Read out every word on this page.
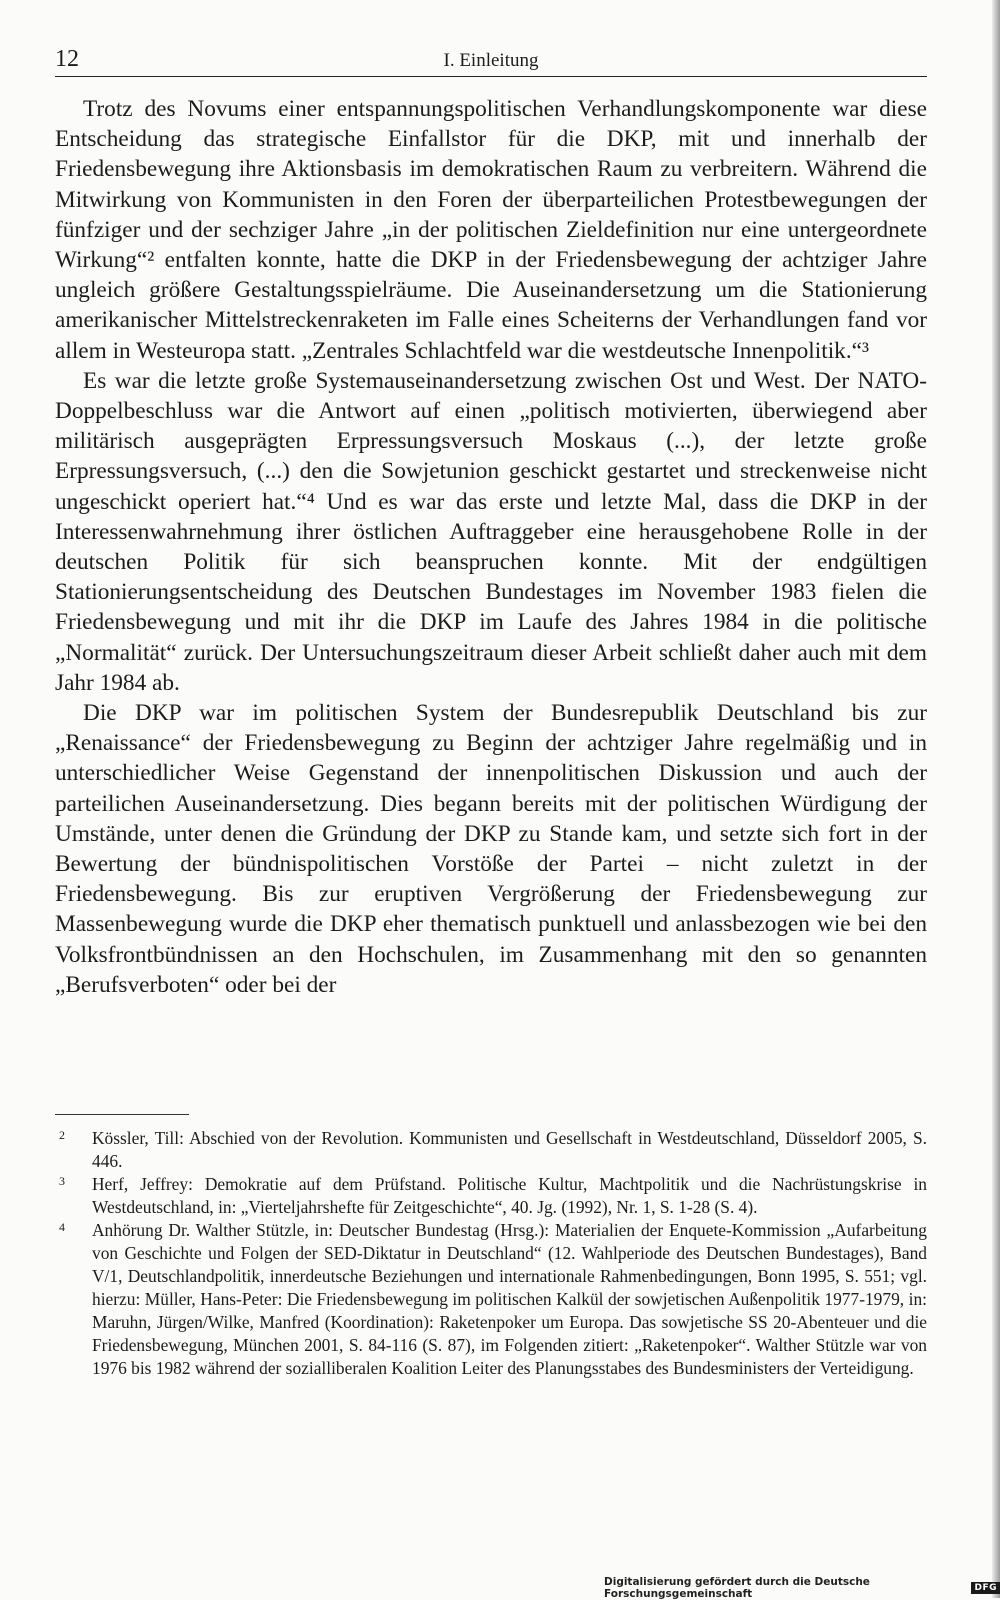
12	I. Einleitung

Trotz des Novums einer entspannungspolitischen Verhandlungskomponente war diese Entscheidung das strategische Einfallstor für die DKP, mit und innerhalb der Friedensbewegung ihre Aktionsbasis im demokratischen Raum zu verbreitern. Während die Mitwirkung von Kommunisten in den Foren der überparteilichen Protestbewegungen der fünfziger und der sechziger Jahre „in der politischen Zieldefinition nur eine untergeordnete Wirkung“² entfalten konnte, hatte die DKP in der Friedensbewegung der achtziger Jahre ungleich größere Gestaltungsspielräume. Die Auseinandersetzung um die Stationierung amerikanischer Mittelstreckenraketen im Falle eines Scheiterns der Verhandlungen fand vor allem in Westeuropa statt. „Zentrales Schlachtfeld war die westdeutsche Innenpolitik.“³

Es war die letzte große Systemauseinandersetzung zwischen Ost und West. Der NATO-Doppelbeschluss war die Antwort auf einen „politisch motivierten, überwiegend aber militärisch ausgeprägten Erpressungsversuch Moskaus (...), der letzte große Erpressungsversuch, (...) den die Sowjetunion geschickt gestartet und streckenweise nicht ungeschickt operiert hat.“⁴ Und es war das erste und letzte Mal, dass die DKP in der Interessenwahrnehmung ihrer östlichen Auftraggeber eine herausgehobene Rolle in der deutschen Politik für sich beanspruchen konnte. Mit der endgültigen Stationierungsentscheidung des Deutschen Bundestages im November 1983 fielen die Friedensbewegung und mit ihr die DKP im Laufe des Jahres 1984 in die politische „Normalität“ zurück. Der Untersuchungszeitraum dieser Arbeit schließt daher auch mit dem Jahr 1984 ab.

Die DKP war im politischen System der Bundesrepublik Deutschland bis zur „Renaissance“ der Friedensbewegung zu Beginn der achtziger Jahre regelmäßig und in unterschiedlicher Weise Gegenstand der innenpolitischen Diskussion und auch der parteilichen Auseinandersetzung. Dies begann bereits mit der politischen Würdigung der Umstände, unter denen die Gründung der DKP zu Stande kam, und setzte sich fort in der Bewertung der bündnispolitischen Vorstöße der Partei – nicht zuletzt in der Friedensbewegung. Bis zur eruptiven Vergrößerung der Friedensbewegung zur Massenbewegung wurde die DKP eher thematisch punktuell und anlassbezogen wie bei den Volksfrontbündnissen an den Hochschulen, im Zusammenhang mit den so genannten „Berufsverboten“ oder bei der

2 Kössler, Till: Abschied von der Revolution. Kommunisten und Gesellschaft in Westdeutschland, Düsseldorf 2005, S. 446.

3 Herf, Jeffrey: Demokratie auf dem Prüfstand. Politische Kultur, Machtpolitik und die Nachrüstungskrise in Westdeutschland, in: „Vierteljahrshefte für Zeitgeschichte“, 40. Jg. (1992), Nr. 1, S. 1-28 (S. 4).

4 Anhörung Dr. Walther Stützle, in: Deutscher Bundestag (Hrsg.): Materialien der Enquete-Kommission „Aufarbeitung von Geschichte und Folgen der SED-Diktatur in Deutschland“ (12. Wahlperiode des Deutschen Bundestages), Band V/1, Deutschlandpolitik, innerdeutsche Beziehungen und internationale Rahmenbedingungen, Bonn 1995, S. 551; vgl. hierzu: Müller, Hans-Peter: Die Friedensbewegung im politischen Kalkül der sowjetischen Außenpolitik 1977-1979, in: Maruhn, Jürgen/Wilke, Manfred (Koordination): Raketenpoker um Europa. Das sowjetische SS 20-Abenteuer und die Friedensbewegung, München 2001, S. 84-116 (S. 87), im Folgenden zitiert: „Raketenpoker“. Walther Stützle war von 1976 bis 1982 während der sozialliberalen Koalition Leiter des Planungsstabes des Bundesministers der Verteidigung.

Digitalisierung gefördert durch die Deutsche Forschungsgemeinschaft	DFG
